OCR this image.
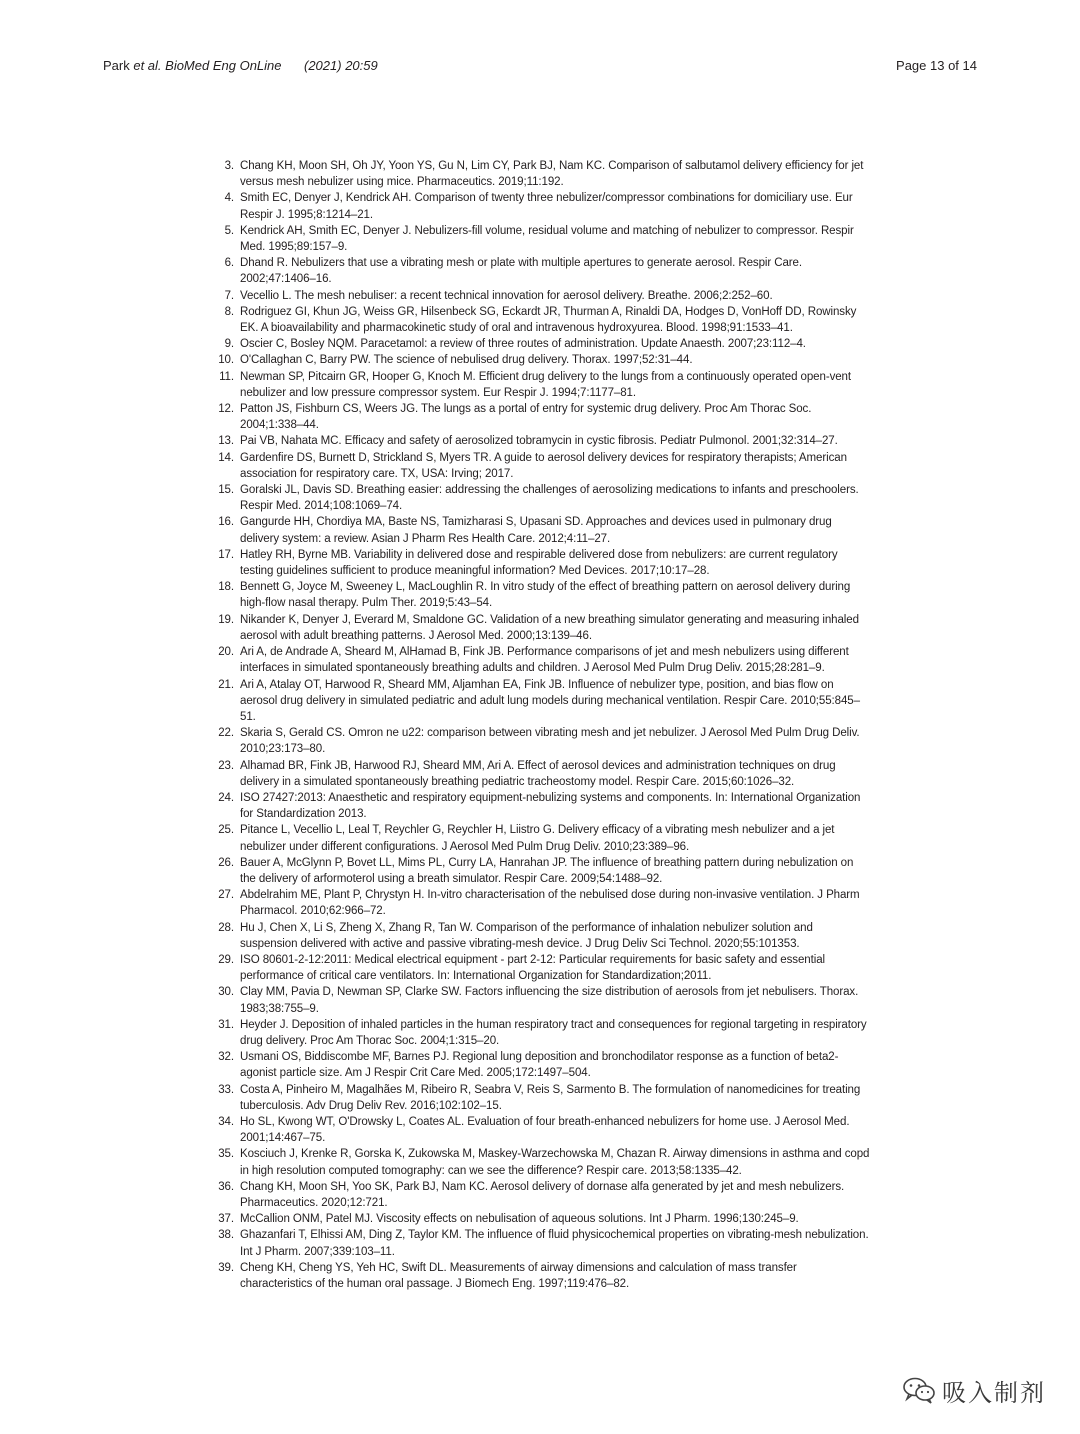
Park et al. BioMed Eng OnLine (2021) 20:59	Page 13 of 14
3. Chang KH, Moon SH, Oh JY, Yoon YS, Gu N, Lim CY, Park BJ, Nam KC. Comparison of salbutamol delivery efficiency for jet versus mesh nebulizer using mice. Pharmaceutics. 2019;11:192.
4. Smith EC, Denyer J, Kendrick AH. Comparison of twenty three nebulizer/compressor combinations for domiciliary use. Eur Respir J. 1995;8:1214–21.
5. Kendrick AH, Smith EC, Denyer J. Nebulizers-fill volume, residual volume and matching of nebulizer to compressor. Respir Med. 1995;89:157–9.
6. Dhand R. Nebulizers that use a vibrating mesh or plate with multiple apertures to generate aerosol. Respir Care. 2002;47:1406–16.
7. Vecellio L. The mesh nebuliser: a recent technical innovation for aerosol delivery. Breathe. 2006;2:252–60.
8. Rodriguez GI, Khun JG, Weiss GR, Hilsenbeck SG, Eckardt JR, Thurman A, Rinaldi DA, Hodges D, VonHoff DD, Rowinsky EK. A bioavailability and pharmacokinetic study of oral and intravenous hydroxyurea. Blood. 1998;91:1533–41.
9. Oscier C, Bosley NQM. Paracetamol: a review of three routes of administration. Update Anaesth. 2007;23:112–4.
10. O'Callaghan C, Barry PW. The science of nebulised drug delivery. Thorax. 1997;52:31–44.
11. Newman SP, Pitcairn GR, Hooper G, Knoch M. Efficient drug delivery to the lungs from a continuously operated open-vent nebulizer and low pressure compressor system. Eur Respir J. 1994;7:1177–81.
12. Patton JS, Fishburn CS, Weers JG. The lungs as a portal of entry for systemic drug delivery. Proc Am Thorac Soc. 2004;1:338–44.
13. Pai VB, Nahata MC. Efficacy and safety of aerosolized tobramycin in cystic fibrosis. Pediatr Pulmonol. 2001;32:314–27.
14. Gardenfire DS, Burnett D, Strickland S, Myers TR. A guide to aerosol delivery devices for respiratory therapists; American association for respiratory care. TX, USA: Irving; 2017.
15. Goralski JL, Davis SD. Breathing easier: addressing the challenges of aerosolizing medications to infants and preschoolers. Respir Med. 2014;108:1069–74.
16. Gangurde HH, Chordiya MA, Baste NS, Tamizharasi S, Upasani SD. Approaches and devices used in pulmonary drug delivery system: a review. Asian J Pharm Res Health Care. 2012;4:11–27.
17. Hatley RH, Byrne MB. Variability in delivered dose and respirable delivered dose from nebulizers: are current regulatory testing guidelines sufficient to produce meaningful information? Med Devices. 2017;10:17–28.
18. Bennett G, Joyce M, Sweeney L, MacLoughlin R. In vitro study of the effect of breathing pattern on aerosol delivery during high-flow nasal therapy. Pulm Ther. 2019;5:43–54.
19. Nikander K, Denyer J, Everard M, Smaldone GC. Validation of a new breathing simulator generating and measuring inhaled aerosol with adult breathing patterns. J Aerosol Med. 2000;13:139–46.
20. Ari A, de Andrade A, Sheard M, AlHamad B, Fink JB. Performance comparisons of jet and mesh nebulizers using different interfaces in simulated spontaneously breathing adults and children. J Aerosol Med Pulm Drug Deliv. 2015;28:281–9.
21. Ari A, Atalay OT, Harwood R, Sheard MM, Aljamhan EA, Fink JB. Influence of nebulizer type, position, and bias flow on aerosol drug delivery in simulated pediatric and adult lung models during mechanical ventilation. Respir Care. 2010;55:845–51.
22. Skaria S, Gerald CS. Omron ne u22: comparison between vibrating mesh and jet nebulizer. J Aerosol Med Pulm Drug Deliv. 2010;23:173–80.
23. Alhamad BR, Fink JB, Harwood RJ, Sheard MM, Ari A. Effect of aerosol devices and administration techniques on drug delivery in a simulated spontaneously breathing pediatric tracheostomy model. Respir Care. 2015;60:1026–32.
24. ISO 27427:2013: Anaesthetic and respiratory equipment-nebulizing systems and components. In: International Organization for Standardization 2013.
25. Pitance L, Vecellio L, Leal T, Reychler G, Reychler H, Liistro G. Delivery efficacy of a vibrating mesh nebulizer and a jet nebulizer under different configurations. J Aerosol Med Pulm Drug Deliv. 2010;23:389–96.
26. Bauer A, McGlynn P, Bovet LL, Mims PL, Curry LA, Hanrahan JP. The influence of breathing pattern during nebulization on the delivery of arformoterol using a breath simulator. Respir Care. 2009;54:1488–92.
27. Abdelrahim ME, Plant P, Chrystyn H. In-vitro characterisation of the nebulised dose during non-invasive ventilation. J Pharm Pharmacol. 2010;62:966–72.
28. Hu J, Chen X, Li S, Zheng X, Zhang R, Tan W. Comparison of the performance of inhalation nebulizer solution and suspension delivered with active and passive vibrating-mesh device. J Drug Deliv Sci Technol. 2020;55:101353.
29. ISO 80601-2-12:2011: Medical electrical equipment - part 2-12: Particular requirements for basic safety and essential performance of critical care ventilators. In: International Organization for Standardization;2011.
30. Clay MM, Pavia D, Newman SP, Clarke SW. Factors influencing the size distribution of aerosols from jet nebulisers. Thorax. 1983;38:755–9.
31. Heyder J. Deposition of inhaled particles in the human respiratory tract and consequences for regional targeting in respiratory drug delivery. Proc Am Thorac Soc. 2004;1:315–20.
32. Usmani OS, Biddiscombe MF, Barnes PJ. Regional lung deposition and bronchodilator response as a function of beta2-agonist particle size. Am J Respir Crit Care Med. 2005;172:1497–504.
33. Costa A, Pinheiro M, Magalhães M, Ribeiro R, Seabra V, Reis S, Sarmento B. The formulation of nanomedicines for treating tuberculosis. Adv Drug Deliv Rev. 2016;102:102–15.
34. Ho SL, Kwong WT, O'Drowsky L, Coates AL. Evaluation of four breath-enhanced nebulizers for home use. J Aerosol Med. 2001;14:467–75.
35. Kosciuch J, Krenke R, Gorska K, Zukowska M, Maskey-Warzechowska M, Chazan R. Airway dimensions in asthma and copd in high resolution computed tomography: can we see the difference? Respir care. 2013;58:1335–42.
36. Chang KH, Moon SH, Yoo SK, Park BJ, Nam KC. Aerosol delivery of dornase alfa generated by jet and mesh nebulizers. Pharmaceutics. 2020;12:721.
37. McCallion ONM, Patel MJ. Viscosity effects on nebulisation of aqueous solutions. Int J Pharm. 1996;130:245–9.
38. Ghazanfari T, Elhissi AM, Ding Z, Taylor KM. The influence of fluid physicochemical properties on vibrating-mesh nebulization. Int J Pharm. 2007;339:103–11.
39. Cheng KH, Cheng YS, Yeh HC, Swift DL. Measurements of airway dimensions and calculation of mass transfer characteristics of the human oral passage. J Biomech Eng. 1997;119:476–82.
吸入制剂
